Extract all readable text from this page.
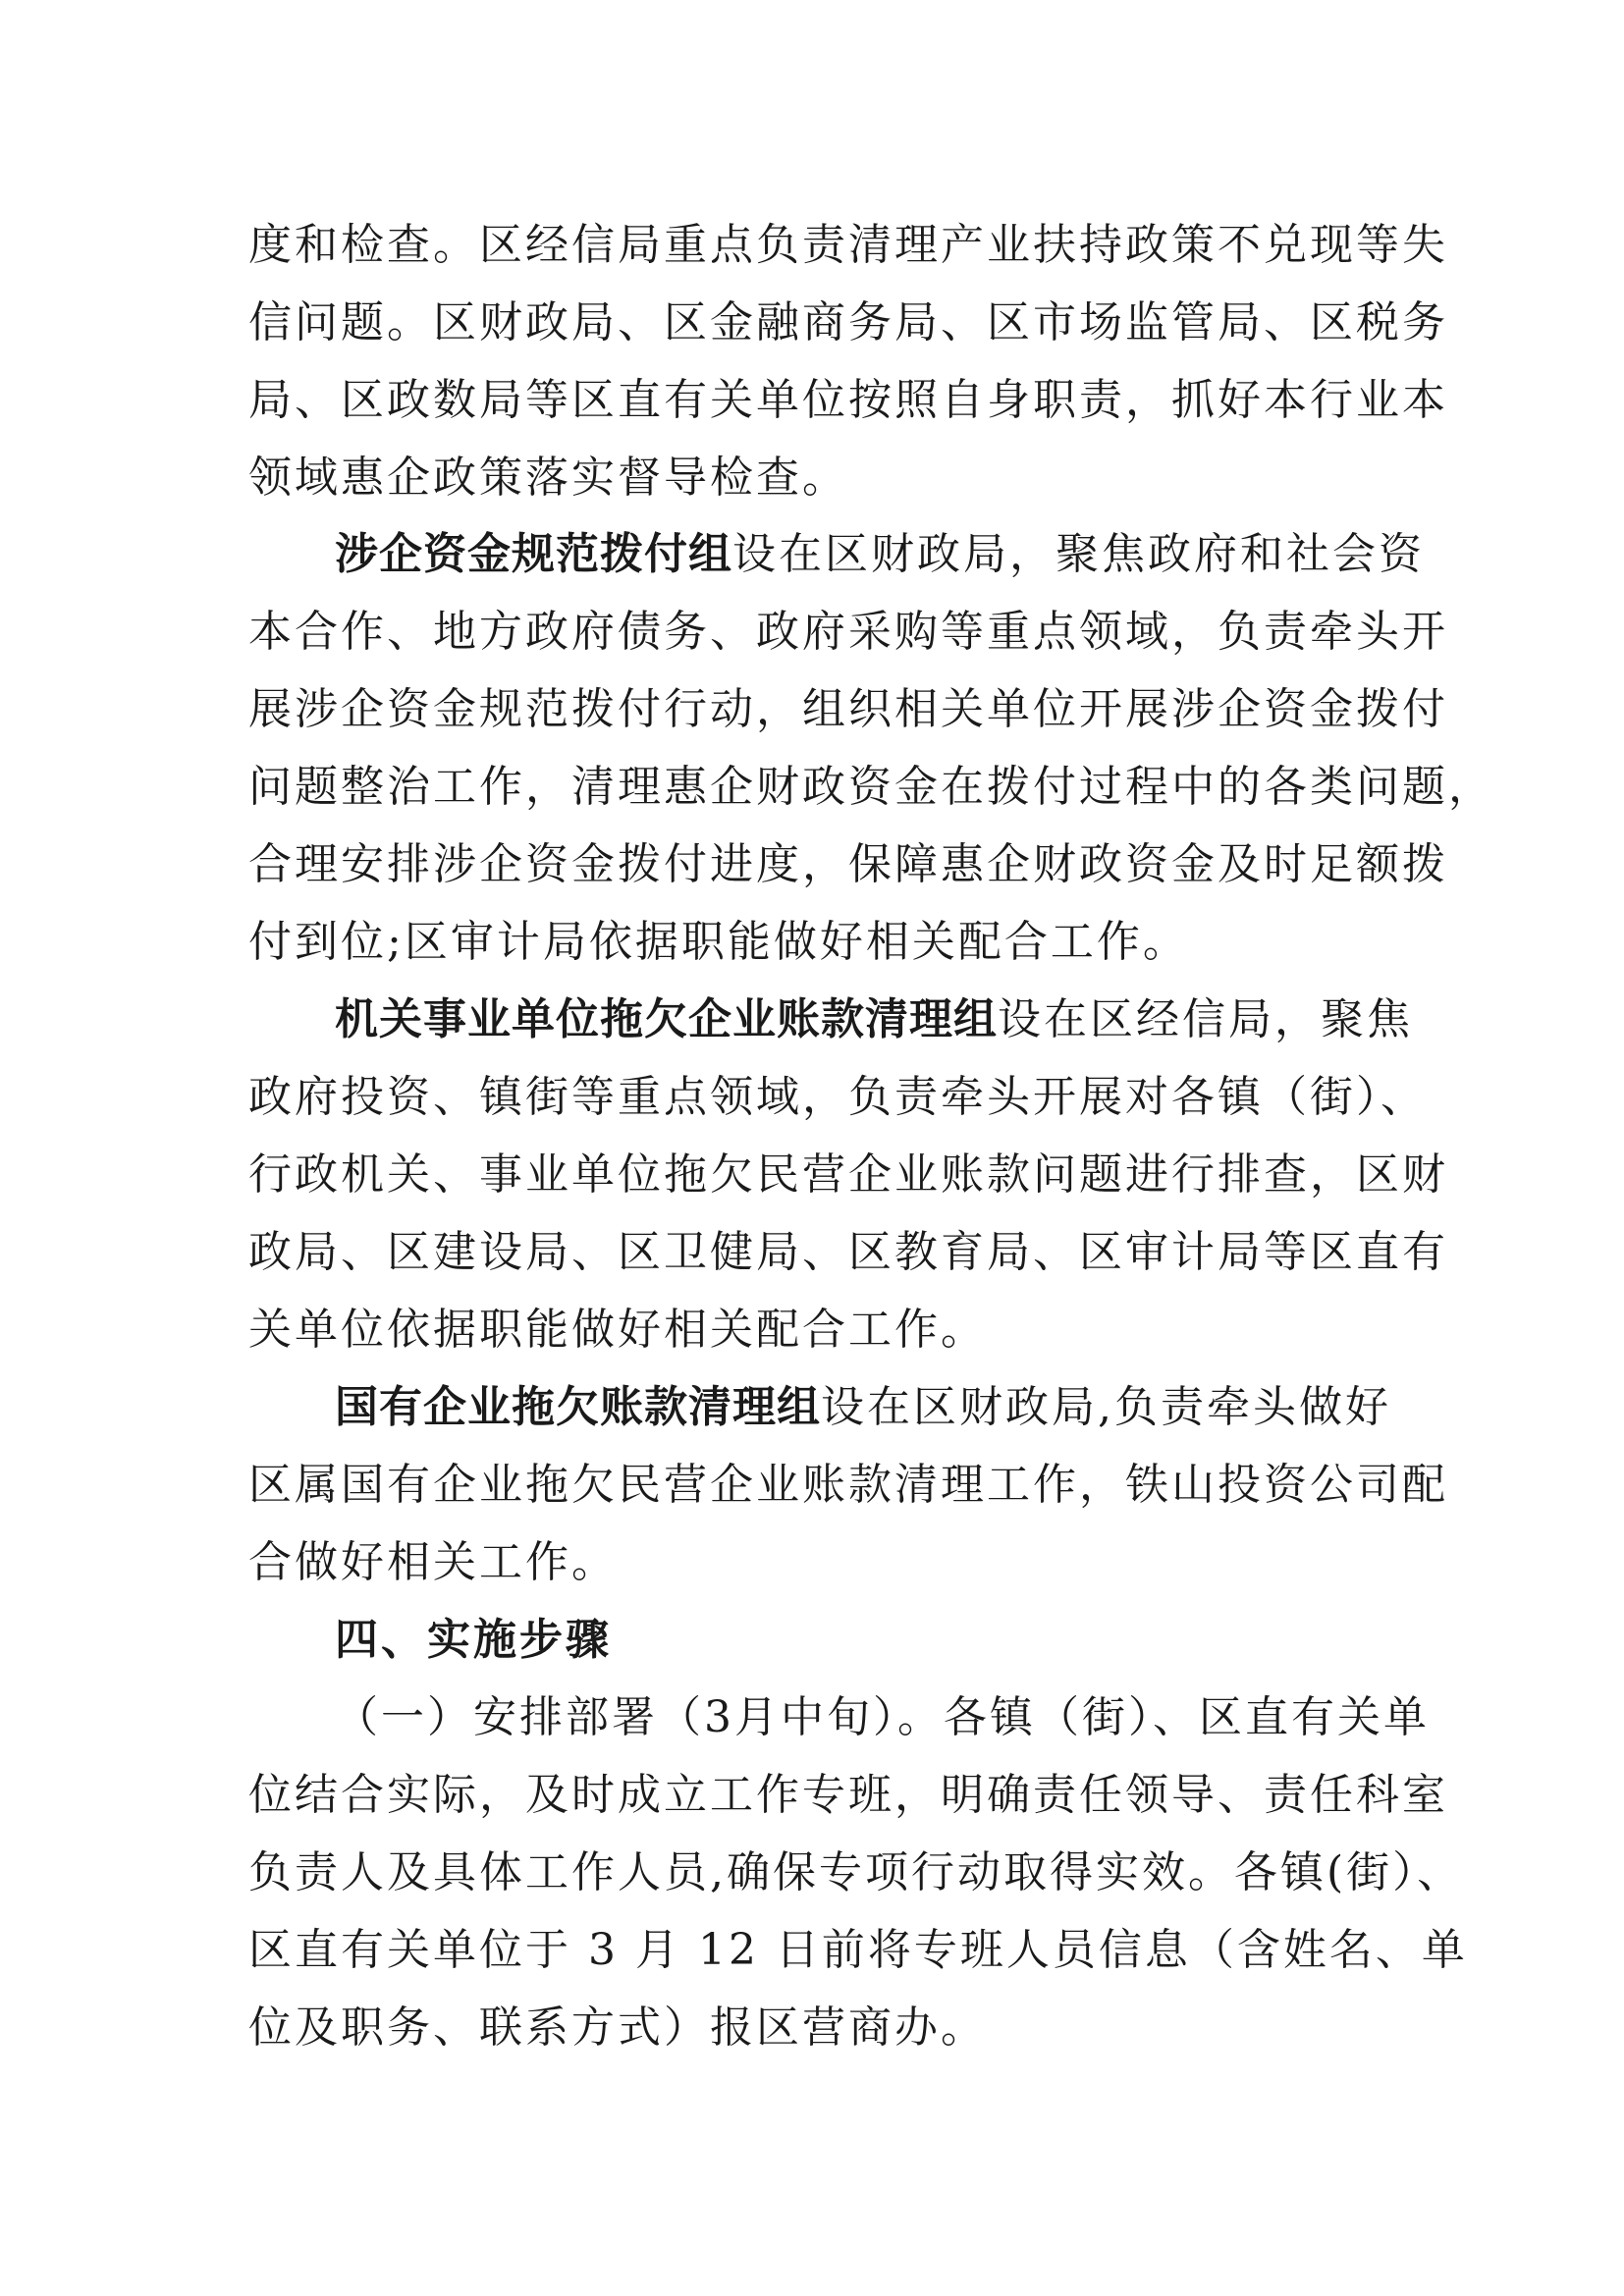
度和检查。区经信局重点负责清理产业扶持政策不兑现等失
信问题。区财政局、区金融商务局、区市场监管局、区税务
局、区政数局等区直有关单位按照自身职责，抓好本行业本
领域惠企政策落实督导检查。
涉企资金规范拨付组设在区财政局，聚焦政府和社会资
本合作、地方政府债务、政府采购等重点领域，负责牵头开
展涉企资金规范拨付行动，组织相关单位开展涉企资金拨付
问题整治工作，清理惠企财政资金在拨付过程中的各类问题，
合理安排涉企资金拨付进度，保障惠企财政资金及时足额拨
付到位;区审计局依据职能做好相关配合工作。
机关事业单位拖欠企业账款清理组设在区经信局，聚焦
政府投资、镇街等重点领域，负责牵头开展对各镇（街）、
行政机关、事业单位拖欠民营企业账款问题进行排查，区财
政局、区建设局、区卫健局、区教育局、区审计局等区直有
关单位依据职能做好相关配合工作。
国有企业拖欠账款清理组设在区财政局,负责牵头做好
区属国有企业拖欠民营企业账款清理工作，铁山投资公司配
合做好相关工作。
四、实施步骤
（一）安排部署（3月中旬）。各镇（街）、区直有关单
位结合实际，及时成立工作专班，明确责任领导、责任科室
负责人及具体工作人员,确保专项行动取得实效。各镇(街）、
区直有关单位于 3 月 12 日前将专班人员信息（含姓名、单
位及职务、联系方式）报区营商办。
